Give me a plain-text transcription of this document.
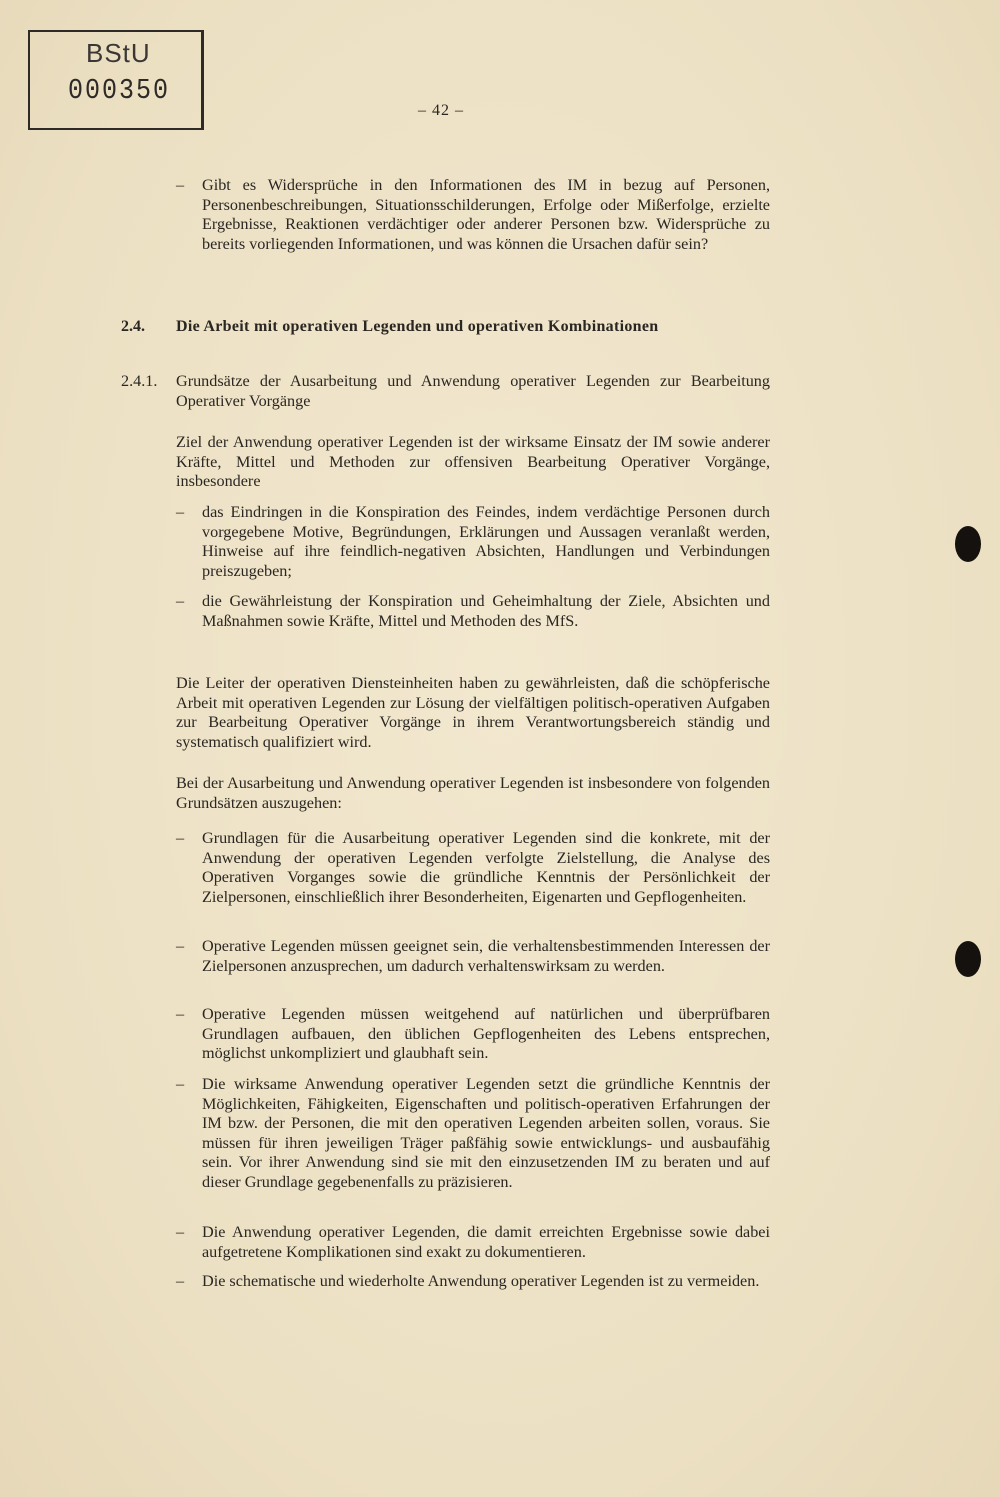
BStU
000350
– 42 –
– Gibt es Widersprüche in den Informationen des IM in bezug auf Personen, Personenbeschreibungen, Situationsschilderungen, Erfolge oder Mißerfolge, erzielte Ergebnisse, Reaktionen verdächtiger oder anderer Personen bzw. Widersprüche zu bereits vorliegenden Informationen, und was können die Ursachen dafür sein?
2.4. Die Arbeit mit operativen Legenden und operativen Kombinationen
2.4.1. Grundsätze der Ausarbeitung und Anwendung operativer Legenden zur Bearbeitung Operativer Vorgänge
Ziel der Anwendung operativer Legenden ist der wirksame Einsatz der IM sowie anderer Kräfte, Mittel und Methoden zur offensiven Bearbeitung Operativer Vorgänge, insbesondere
– das Eindringen in die Konspiration des Feindes, indem verdächtige Personen durch vorgegebene Motive, Begründungen, Erklärungen und Aussagen veranlaßt werden, Hinweise auf ihre feindlich-negativen Absichten, Handlungen und Verbindungen preiszugeben;
– die Gewährleistung der Konspiration und Geheimhaltung der Ziele, Absichten und Maßnahmen sowie Kräfte, Mittel und Methoden des MfS.
Die Leiter der operativen Diensteinheiten haben zu gewährleisten, daß die schöpferische Arbeit mit operativen Legenden zur Lösung der vielfältigen politisch-operativen Aufgaben zur Bearbeitung Operativer Vorgänge in ihrem Verantwortungsbereich ständig und systematisch qualifiziert wird.
Bei der Ausarbeitung und Anwendung operativer Legenden ist insbesondere von folgenden Grundsätzen auszugehen:
– Grundlagen für die Ausarbeitung operativer Legenden sind die konkrete, mit der Anwendung der operativen Legenden verfolgte Zielstellung, die Analyse des Operativen Vorganges sowie die gründliche Kenntnis der Persönlichkeit der Zielpersonen, einschließlich ihrer Besonderheiten, Eigenarten und Gepflogenheiten.
– Operative Legenden müssen geeignet sein, die verhaltensbestimmenden Interessen der Zielpersonen anzusprechen, um dadurch verhaltenswirksam zu werden.
– Operative Legenden müssen weitgehend auf natürlichen und überprüfbaren Grundlagen aufbauen, den üblichen Gepflogenheiten des Lebens entsprechen, möglichst unkompliziert und glaubhaft sein.
– Die wirksame Anwendung operativer Legenden setzt die gründliche Kenntnis der Möglichkeiten, Fähigkeiten, Eigenschaften und politisch-operativen Erfahrungen der IM bzw. der Personen, die mit den operativen Legenden arbeiten sollen, voraus. Sie müssen für ihren jeweiligen Träger paßfähig sowie entwicklungs- und ausbaufähig sein. Vor ihrer Anwendung sind sie mit den einzusetzenden IM zu beraten und auf dieser Grundlage gegebenenfalls zu präzisieren.
– Die Anwendung operativer Legenden, die damit erreichten Ergebnisse sowie dabei aufgetretene Komplikationen sind exakt zu dokumentieren.
– Die schematische und wiederholte Anwendung operativer Legenden ist zu vermeiden.
